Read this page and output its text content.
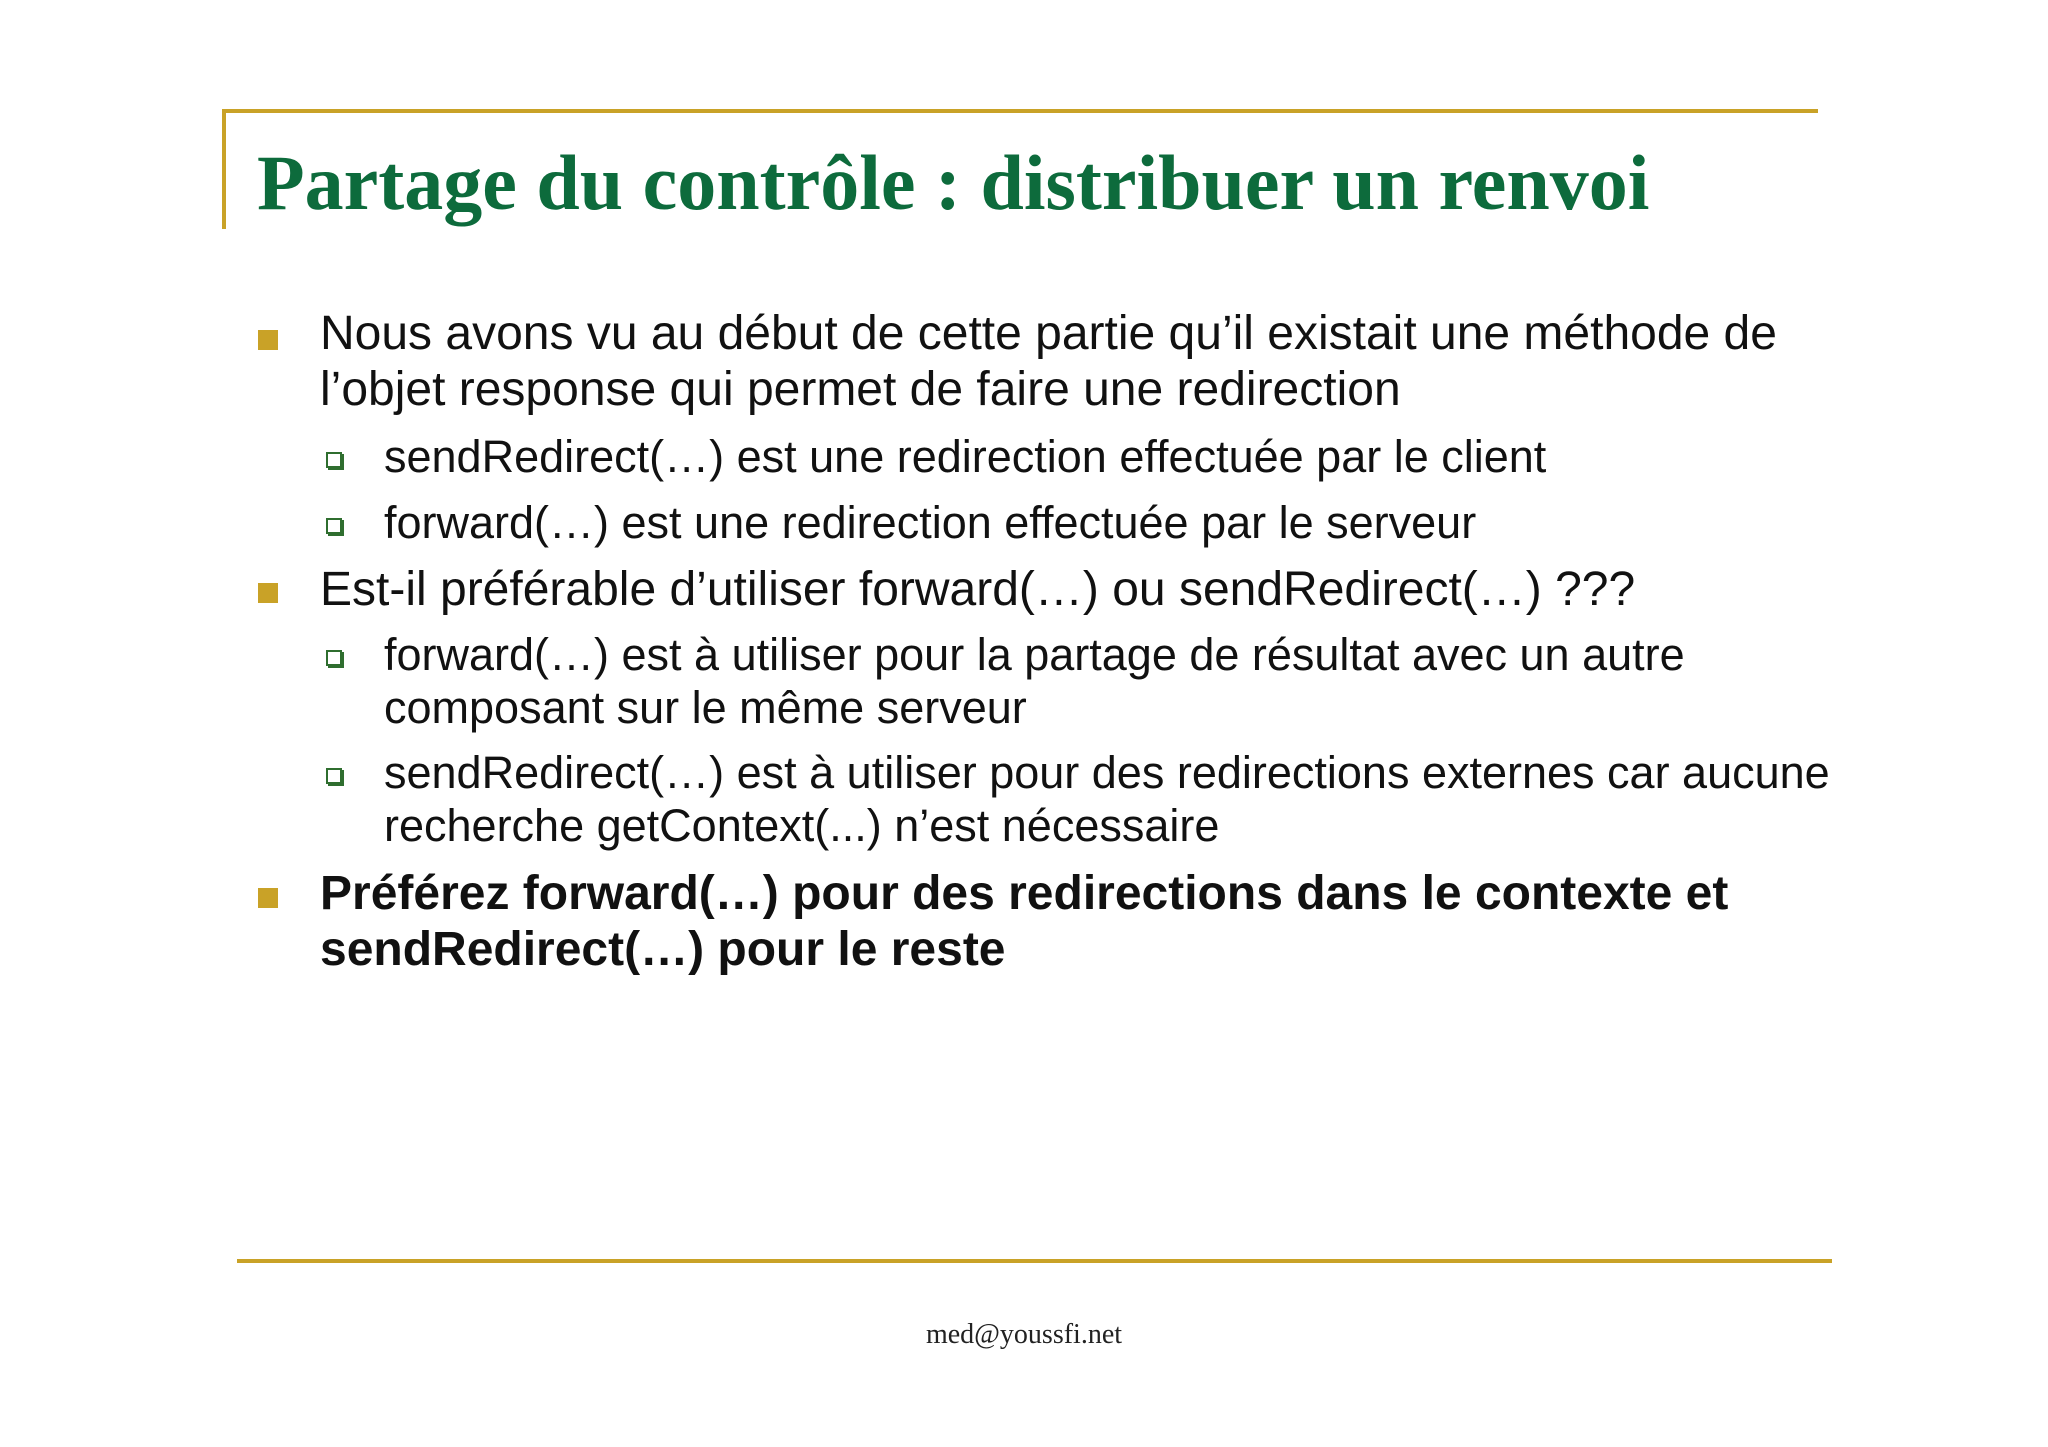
Partage du contrôle : distribuer un renvoi
Nous avons vu au début de cette partie qu’il existait une méthode de l’objet response qui permet de faire une redirection
sendRedirect(…) est une redirection effectuée par le client
forward(…) est une redirection effectuée par le serveur
Est-il préférable d’utiliser forward(…) ou sendRedirect(…) ???
forward(…) est à utiliser pour la partage de résultat avec un autre composant sur le même serveur
sendRedirect(…) est à utiliser pour des redirections externes car aucune recherche getContext(...) n’est nécessaire
Préférez forward(…) pour des redirections dans le contexte et sendRedirect(…) pour le reste
med@youssfi.net
